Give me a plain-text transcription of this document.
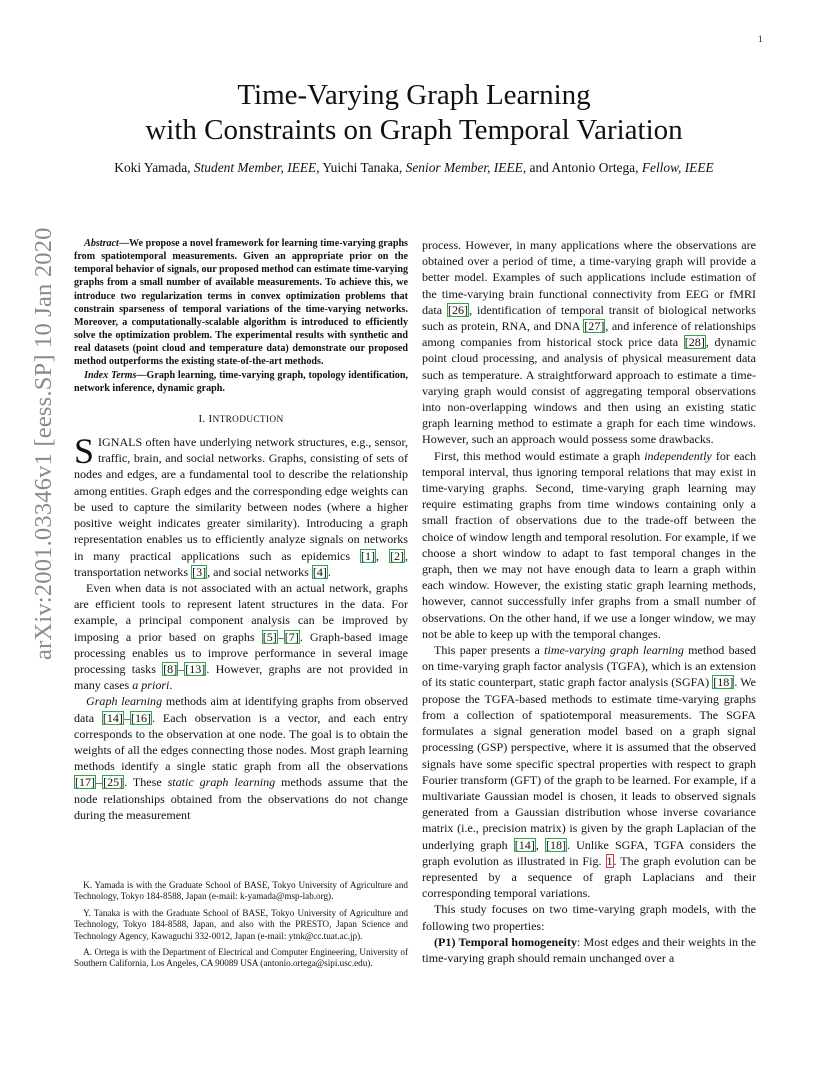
1
arXiv:2001.03346v1 [eess.SP] 10 Jan 2020
Time-Varying Graph Learning
with Constraints on Graph Temporal Variation
Koki Yamada, Student Member, IEEE, Yuichi Tanaka, Senior Member, IEEE, and Antonio Ortega, Fellow, IEEE

Abstract—We propose a novel framework for learning time-varying graphs from spatiotemporal measurements. Given an appropriate prior on the temporal behavior of signals, our proposed method can estimate time-varying graphs from a small number of available measurements. To achieve this, we introduce two regularization terms in convex optimization problems that constrain sparseness of temporal variations of the time-varying networks. Moreover, a computationally-scalable algorithm is introduced to efficiently solve the optimization problem. The experimental results with synthetic and real datasets (point cloud and temperature data) demonstrate our proposed method outperforms the existing state-of-the-art methods.

Index Terms—Graph learning, time-varying graph, topology identification, network inference, dynamic graph.

I. INTRODUCTION

SIGNALS often have underlying network structures, e.g., sensor, traffic, brain, and social networks. Graphs, consisting of sets of nodes and edges, are a fundamental tool to describe the relationship among entities. Graph edges and the corresponding edge weights can be used to capture the similarity between nodes (where a higher positive weight indicates greater similarity). Introducing a graph representation enables us to efficiently analyze signals on networks in many practical applications such as epidemics [1], [2], transportation networks [3], and social networks [4].

Even when data is not associated with an actual network, graphs are efficient tools to represent latent structures in the data. For example, a principal component analysis can be improved by imposing a prior based on graphs [5]–[7]. Graph-based image processing enables us to improve performance in several image processing tasks [8]–[13]. However, graphs are not provided in many cases a priori.

Graph learning methods aim at identifying graphs from observed data [14]–[16]. Each observation is a vector, and each entry corresponds to the observation at one node. The goal is to obtain the weights of all the edges connecting those nodes. Most graph learning methods identify a single static graph from all the observations [17]–[25]. These static graph learning methods assume that the node relationships obtained from the observations do not change during the measurement

K. Yamada is with the Graduate School of BASE, Tokyo University of Agriculture and Technology, Tokyo 184-8588, Japan (e-mail: k-yamada@msp-lab.org).

Y. Tanaka is with the Graduate School of BASE, Tokyo University of Agriculture and Technology, Tokyo 184-8588, Japan, and also with the PRESTO, Japan Science and Technology Agency, Kawaguchi 332-0012, Japan (e-mail: ytnk@cc.tuat.ac.jp).

A. Ortega is with the Department of Electrical and Computer Engineering, University of Southern California, Los Angeles, CA 90089 USA (antonio.ortega@sipi.usc.edu).

process. However, in many applications where the observations are obtained over a period of time, a time-varying graph will provide a better model. Examples of such applications include estimation of the time-varying brain functional connectivity from EEG or fMRI data [26], identification of temporal transit of biological networks such as protein, RNA, and DNA [27], and inference of relationships among companies from historical stock price data [28], dynamic point cloud processing, and analysis of physical measurement data such as temperature. A straightforward approach to estimate a time-varying graph would consist of aggregating temporal observations into non-overlapping windows and then using an existing static graph learning method to estimate a graph for each time windows. However, such an approach would possess some drawbacks.

First, this method would estimate a graph independently for each temporal interval, thus ignoring temporal relations that may exist in time-varying graphs. Second, time-varying graph learning may require estimating graphs from time windows containing only a small fraction of observations due to the trade-off between the choice of window length and temporal resolution. For example, if we choose a short window to adapt to fast temporal changes in the graph, then we may not have enough data to learn a graph within each window. However, the existing static graph learning methods, however, cannot successfully infer graphs from a small number of observations. On the other hand, if we use a longer window, we may not be able to keep up with the temporal changes.

This paper presents a time-varying graph learning method based on time-varying graph factor analysis (TGFA), which is an extension of its static counterpart, static graph factor analysis (SGFA) [18]. We propose the TGFA-based methods to estimate time-varying graphs from a collection of spatiotemporal measurements. The SGFA formulates a signal generation model based on a graph signal processing (GSP) perspective, where it is assumed that the observed signals have some specific spectral properties with respect to graph Fourier transform (GFT) of the graph to be learned. For example, if a multivariate Gaussian model is chosen, it leads to observed signals generated from a Gaussian distribution whose inverse covariance matrix (i.e., precision matrix) is given by the graph Laplacian of the underlying graph [14], [18]. Unlike SGFA, TGFA considers the graph evolution as illustrated in Fig. 1. The graph evolution can be represented by a sequence of graph Laplacians and their corresponding temporal variations.

This study focuses on two time-varying graph models, with the following two properties:

(P1) Temporal homogeneity: Most edges and their weights in the time-varying graph should remain unchanged over a
